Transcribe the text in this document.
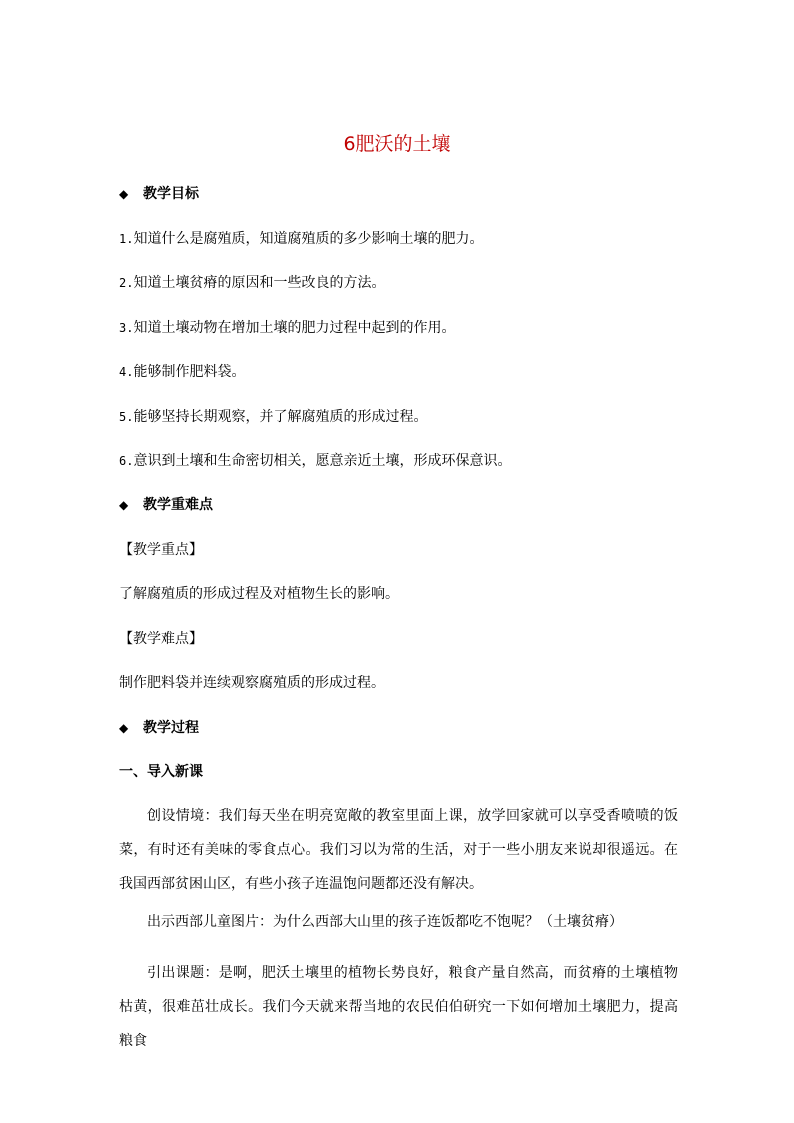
6肥沃的土壤
◆ 教学目标
1.知道什么是腐殖质，知道腐殖质的多少影响土壤的肥力。
2.知道土壤贫瘠的原因和一些改良的方法。
3.知道土壤动物在增加土壤的肥力过程中起到的作用。
4.能够制作肥料袋。
5.能够坚持长期观察，并了解腐殖质的形成过程。
6.意识到土壤和生命密切相关，愿意亲近土壤，形成环保意识。
◆ 教学重难点
【教学重点】
了解腐殖质的形成过程及对植物生长的影响。
【教学难点】
制作肥料袋并连续观察腐殖质的形成过程。
◆ 教学过程
一、导入新课
创设情境：我们每天坐在明亮宽敞的教室里面上课，放学回家就可以享受香喷喷的饭菜，有时还有美味的零食点心。我们习以为常的生活，对于一些小朋友来说却很遥远。在我国西部贫困山区，有些小孩子连温饱问题都还没有解决。
出示西部儿童图片：为什么西部大山里的孩子连饭都吃不饱呢？（土壤贫瘠）
引出课题：是啊，肥沃土壤里的植物长势良好，粮食产量自然高，而贫瘠的土壤植物枯黄，很难茁壮成长。我们今天就来帮当地的农民伯伯研究一下如何增加土壤肥力，提高粮食
